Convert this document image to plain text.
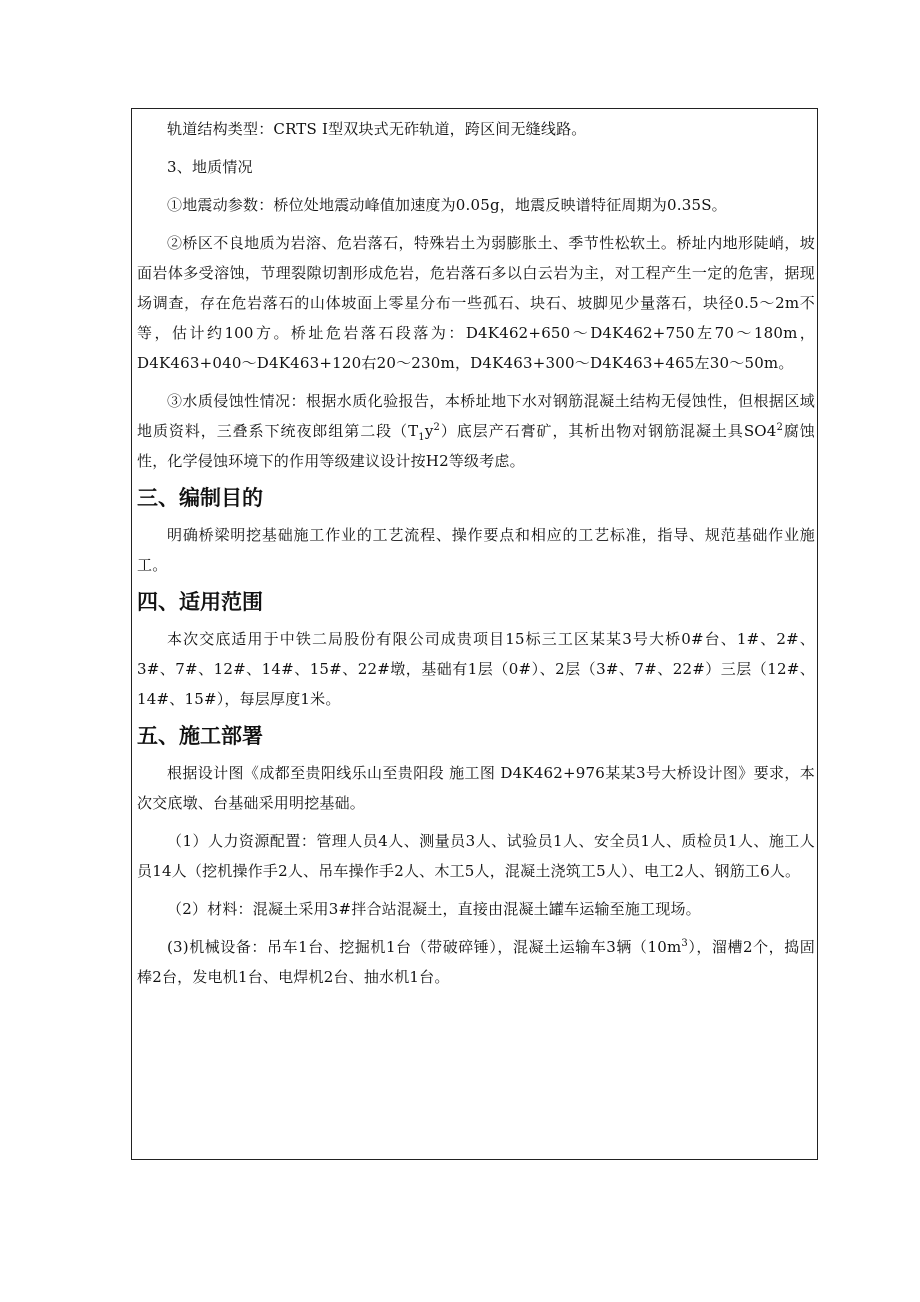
轨道结构类型：CRTS Ⅰ型双块式无砟轨道，跨区间无缝线路。

3、地质情况

①地震动参数：桥位处地震动峰值加速度为0.05g，地震反映谱特征周期为0.35S。

②桥区不良地质为岩溶、危岩落石，特殊岩土为弱膨胀土、季节性松软土。桥址内地形陡峭，坡面岩体多受溶蚀，节理裂隙切割形成危岩，危岩落石多以白云岩为主，对工程产生一定的危害，据现场调查，存在危岩落石的山体坡面上零星分布一些孤石、块石、坡脚见少量落石，块径0.5～2m不等，估计约100方。桥址危岩落石段落为：D4K462+650～D4K462+750左70～180m，D4K463+040～D4K463+120右20～230m，D4K463+300～D4K463+465左30～50m。

③水质侵蚀性情况：根据水质化验报告，本桥址地下水对钢筋混凝土结构无侵蚀性，但根据区域地质资料，三叠系下统夜郎组第二段$(T_1y^2)$底层产石膏矿，其析出物对钢筋混凝土具$SO4^2$腐蚀性，化学侵蚀环境下的作用等级建议设计按H2等级考虑。

三、编制目的

明确桥梁明挖基础施工作业的工艺流程、操作要点和相应的工艺标准，指导、规范基础作业施工。

四、适用范围

本次交底适用于中铁二局股份有限公司成贵项目15标三工区某某3号大桥0#台、1#、2#、3#、7#、12#、14#、15#、22#墩，基础有1层（0#）、2层（3#、7#、22#）三层（12#、14#、15#），每层厚度1米。

五、施工部署

根据设计图《成都至贵阳线乐山至贵阳段 施工图 D4K462+976某某3号大桥设计图》要求，本次交底墩、台基础采用明挖基础。

（1）人力资源配置：管理人员4人、测量员3人、试验员1人、安全员1人、质检员1人、施工人员14人（挖机操作手2人、吊车操作手2人、木工5人，混凝土浇筑工5人）、电工2人、钢筋工6人。

（2）材料：混凝土采用3#拌合站混凝土，直接由混凝土罐车运输至施工现场。

(3)机械设备：吊车1台、挖掘机1台（带破碎锤），混凝土运输车3辆$(10m^3)$，溜槽2个，捣固棒2台，发电机1台、电焊机2台、抽水机1台。
